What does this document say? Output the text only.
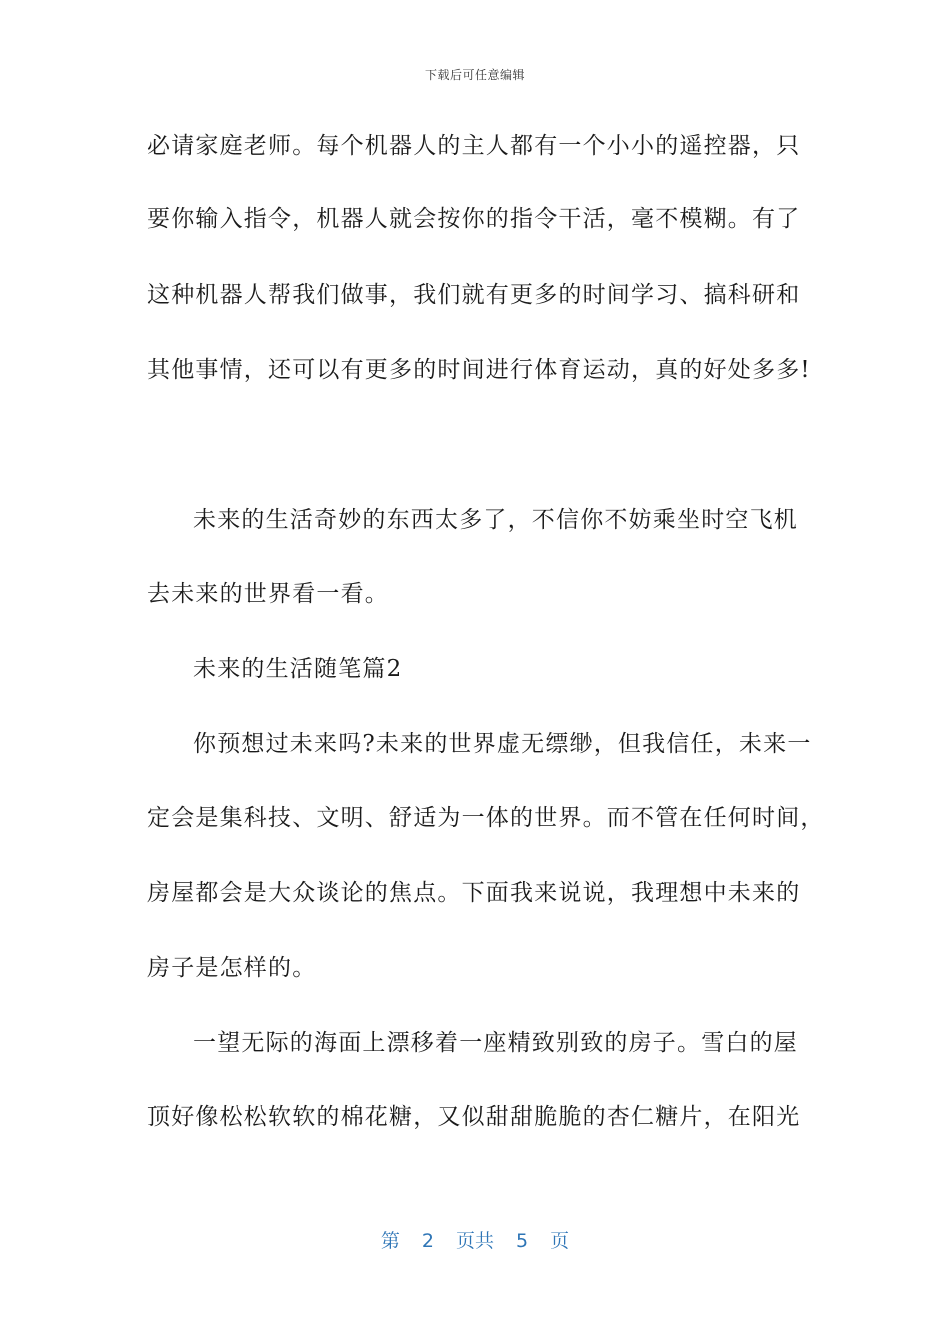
下载后可任意编辑
必请家庭老师。每个机器人的主人都有一个小小的遥控器，只
要你输入指令，机器人就会按你的指令干活，毫不模糊。有了
这种机器人帮我们做事，我们就有更多的时间学习、搞科研和
其他事情，还可以有更多的时间进行体育运动，真的好处多多!
未来的生活奇妙的东西太多了，不信你不妨乘坐时空飞机
去未来的世界看一看。
未来的生活随笔篇2
你预想过未来吗?未来的世界虚无缥缈，但我信任，未来一
定会是集科技、文明、舒适为一体的世界。而不管在任何时间，
房屋都会是大众谈论的焦点。下面我来说说，我理想中未来的
房子是怎样的。
一望无际的海面上漂移着一座精致别致的房子。雪白的屋
顶好像松松软软的棉花糖，又似甜甜脆脆的杏仁糖片，在阳光
第 2 页共 5 页
